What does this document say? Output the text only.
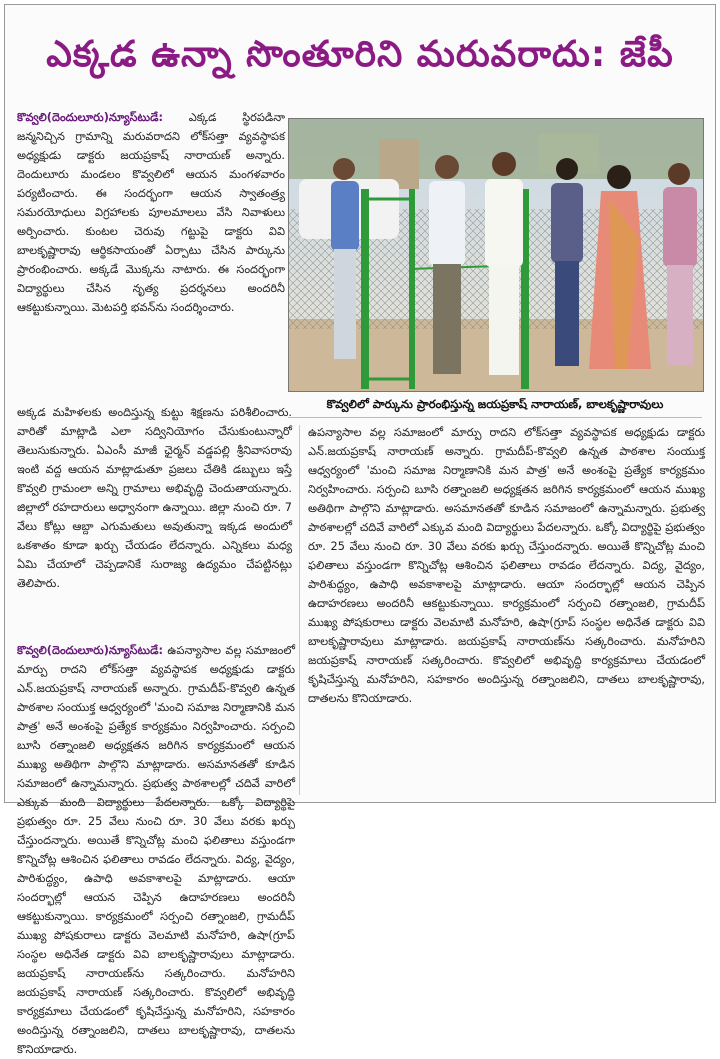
ఎక్కడ ఉన్నా సొంతూరిని మరువరాదు: జేపీ
కొవ్వలి(దెందులూరు)న్యూస్‌టుడే: ఎక్కడ స్థిరపడినా జన్మనిచ్చిన గ్రామాన్ని మరువరాదని లోక్‌సత్తా వ్యవస్థాపక అధ్యక్షుడు డాక్టరు జయప్రకాష్ నారాయణ్ అన్నారు. దెందులూరు మండలం కొవ్వలిలో ఆయన మంగళవారం పర్యటించారు. ఈ సందర్భంగా ఆయన స్వాతంత్ర్య సమరయోధులు విగ్రహాలకు పూలమాలలు వేసి నివాళులు అర్పించారు. కుంటల చెరువు గట్టుపై డాక్టరు వివి బాలకృష్ణారావు ఆర్థికసాయంతో ఏర్పాటు చేసిన పార్కును ప్రారంభించారు. అక్కడే మొక్కను నాటారు. ఈ సందర్భంగా విద్యార్థులు చేసిన నృత్య ప్రదర్శనలు అందరినీ ఆకట్టుకున్నాయి. మెటపర్తి భవన్‌ను సందర్శించారు.
కొవ్వలిలో పార్కును ప్రారంభిస్తున్న జయప్రకాష్ నారాయణ్, బాలకృష్ణారావులు
అక్కడ మహిళలకు అందిస్తున్న కుట్టు శిక్షణను పరిశీలించారు. వారితో మాట్లాడి ఎలా సద్వినియోగం చేసుకుంటున్నారో తెలుసుకున్నారు. ఏఎంసీ మాజీ ఛైర్మన్ వడ్డపల్లి శ్రీనివాసరావు ఇంటి వద్ద ఆయన మాట్లాడుతూ ప్రజలు చేతికి డబ్బులు ఇస్తే కొవ్వలి గ్రామంలా అన్ని గ్రామాలు అభివృద్ధి చెందుతాయన్నారు. జిల్లాలో రహదారులు అధ్వానంగా ఉన్నాయి. జిల్లా నుంచి రూ. 7 వేలు కోట్లు ఆబ్దా ఎగుమతులు అవుతున్నా ఇక్కడ అందులో ఒకశాతం కూడా ఖర్చు చేయడం లేదన్నారు. ఎన్నికలు మధ్య ఏమి చేయాలో చెప్పడానికే సురాజ్య ఉద్యమం చేపట్టినట్లు తెలిపారు.
కొవ్వలి(దెందులూరు)న్యూస్‌టుడే: ఉపన్యాసాల వల్ల సమాజంలో మార్పు రాదని లోక్‌సత్తా వ్యవస్థాపక అధ్యక్షుడు డాక్టరు ఎన్.జయప్రకాష్ నారాయణ్ అన్నారు. గ్రామదీప్-కొవ్వలి ఉన్నత పాఠశాల సంయుక్త ఆధ్వర్యంలో 'మంచి సమాజ నిర్మాణానికి మన పాత్ర' అనే అంశంపై ప్రత్యేక కార్యక్రమం నిర్వహించారు. సర్పంచి బూసి రత్నాంజలి అధ్యక్షతన జరిగిన కార్యక్రమంలో ఆయన ముఖ్య అతిథిగా పాల్గొని మాట్లాడారు. అసమానతతో కూడిన సమాజంలో ఉన్నామన్నారు. ప్రభుత్వ పాఠశాలల్లో చదివే వారిలో ఎక్కువ మంది విద్యార్థులు పేదలన్నారు. ఒక్కో విద్యార్థిపై ప్రభుత్వం రూ. 25 వేలు నుంచి రూ. 30 వేలు వరకు ఖర్చు చేస్తుందన్నారు. అయితే కొన్నిచోట్ల మంచి ఫలితాలు వస్తుండగా కొన్నిచోట్ల ఆశించిన ఫలితాలు రావడం లేదన్నారు. విద్య, వైద్యం, పారిశుద్ధ్యం, ఉపాధి అవకాశాలపై మాట్లాడారు. ఆయా సందర్భాల్లో ఆయన చెప్పిన ఉదాహరణలు అందరినీ ఆకట్టుకున్నాయి. కార్యక్రమంలో సర్పంచి రత్నాంజలి, గ్రామదీప్ ముఖ్య పోషకురాలు డాక్టరు వెలమాటి మనోహరి, ఉషా(గ్రూప్ సంస్థల అధినేత డాక్టరు వివి బాలకృష్ణారావులు మాట్లాడారు. జయప్రకాష్ నారాయణ్‌ను సత్కరించారు. మనోహరిని జయప్రకాష్ నారాయణ్ సత్కరించారు. కొవ్వలిలో అభివృద్ధి కార్యక్రమాలు చేయడంలో కృషిచేస్తున్న మనోహరిని, సహకారం అందిస్తున్న రత్నాంజలిని, దాతలు బాలకృష్ణారావు, దాతలను కొనియాడారు.
ఉపన్యాసాల వల్ల సమాజంలో మార్పు రాదని లోక్‌సత్తా వ్యవస్థాపక అధ్యక్షుడు డాక్టరు ఎన్.జయప్రకాష్ నారాయణ్ అన్నారు. గ్రామదీప్-కొవ్వలి ఉన్నత పాఠశాల సంయుక్త ఆధ్వర్యంలో 'మంచి సమాజ నిర్మాణానికి మన పాత్ర' అనే అంశంపై ప్రత్యేక కార్యక్రమం నిర్వహించారు. సర్పంచి బూసి రత్నాంజలి అధ్యక్షతన జరిగిన కార్యక్రమంలో ఆయన ముఖ్య అతిథిగా పాల్గొని మాట్లాడారు. అసమానతతో కూడిన సమాజంలో ఉన్నామన్నారు. ప్రభుత్వ పాఠశాలల్లో చదివే వారిలో ఎక్కువ మంది విద్యార్థులు పేదలన్నారు. ఒక్కో విద్యార్థిపై ప్రభుత్వం రూ. 25 వేలు నుంచి రూ. 30 వేలు వరకు ఖర్చు చేస్తుందన్నారు. అయితే కొన్నిచోట్ల మంచి ఫలితాలు వస్తుండగా కొన్నిచోట్ల ఆశించిన ఫలితాలు రావడం లేదన్నారు. విద్య, వైద్యం, పారిశుద్ధ్యం, ఉపాధి అవకాశాలపై మాట్లాడారు. ఆయా సందర్భాల్లో ఆయన చెప్పిన ఉదాహరణలు అందరినీ ఆకట్టుకున్నాయి. కార్యక్రమంలో సర్పంచి రత్నాంజలి, గ్రామదీప్ ముఖ్య పోషకురాలు డాక్టరు వెలమాటి మనోహరి, ఉషా(గ్రూప్ సంస్థల అధినేత డాక్టరు వివి బాలకృష్ణారావులు మాట్లాడారు. జయప్రకాష్ నారాయణ్‌ను సత్కరించారు. మనోహరిని జయప్రకాష్ నారాయణ్ సత్కరించారు. కొవ్వలిలో అభివృద్ధి కార్యక్రమాలు చేయడంలో కృషిచేస్తున్న మనోహరిని, సహకారం అందిస్తున్న రత్నాంజలిని, దాతలు బాలకృష్ణారావు, దాతలను కొనియాడారు.
